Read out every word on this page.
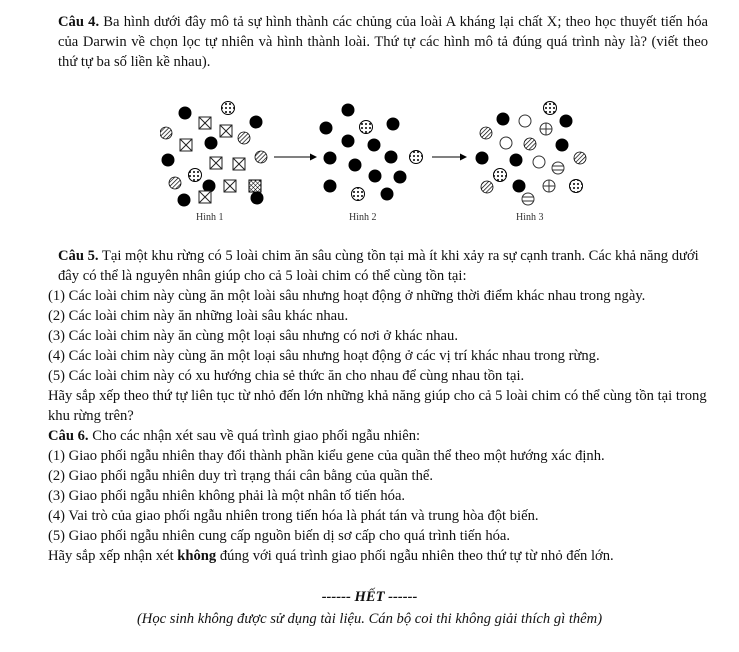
Câu 4. Ba hình dưới đây mô tả sự hình thành các chủng của loài A kháng lại chất X; theo học thuyết tiến hóa của Darwin về chọn lọc tự nhiên và hình thành loài. Thứ tự các hình mô tả đúng quá trình này là? (viết theo thứ tự ba số liền kề nhau).
Hình 1	Hình 2	Hình 3

Câu 5. Tại một khu rừng có 5 loài chim ăn sâu cùng tồn tại mà ít khi xảy ra sự cạnh tranh. Các khả năng dưới đây có thể là nguyên nhân giúp cho cả 5 loài chim có thể cùng tồn tại:

(1) Các loài chim này cùng ăn một loài sâu nhưng hoạt động ở những thời điểm khác nhau trong ngày.

(2) Các loài chim này ăn những loài sâu khác nhau.

(3) Các loài chim này ăn cùng một loại sâu nhưng có nơi ở khác nhau.

(4) Các loài chim này cùng ăn một loại sâu nhưng hoạt động ở các vị trí khác nhau trong rừng.

(5) Các loài chim này có xu hướng chia sẻ thức ăn cho nhau để cùng nhau tồn tại.

Hãy sắp xếp theo thứ tự liên tục từ nhỏ đến lớn những khả năng giúp cho cả 5 loài chim có thể cùng tồn tại trong khu rừng trên?

Câu 6. Cho các nhận xét sau về quá trình giao phối ngẫu nhiên:

(1) Giao phối ngẫu nhiên thay đổi thành phần kiểu gene của quần thể theo một hướng xác định.

(2) Giao phối ngẫu nhiên duy trì trạng thái cân bằng của quần thể.

(3) Giao phối ngẫu nhiên không phải là một nhân tố tiến hóa.

(4) Vai trò của giao phối ngẫu nhiên trong tiến hóa là phát tán và trung hòa đột biến.

(5) Giao phối ngẫu nhiên cung cấp nguồn biến dị sơ cấp cho quá trình tiến hóa.

Hãy sắp xếp nhận xét không đúng với quá trình giao phối ngẫu nhiên theo thứ tự từ nhỏ đến lớn.

------ HẾT ------
(Học sinh không được sử dụng tài liệu. Cán bộ coi thi không giải thích gì thêm)
